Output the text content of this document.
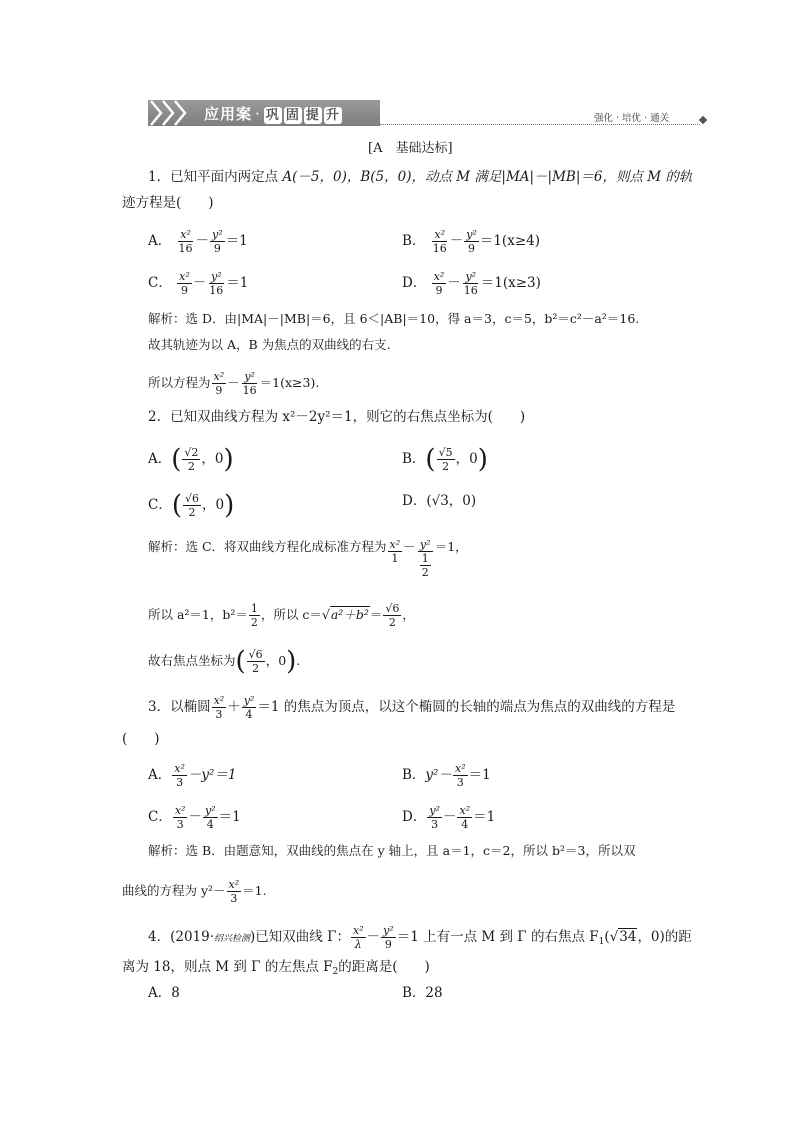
应用案 · 巩 固 提 升	强化 · 培优 · 通关
[A　基础达标]
1．已知平面内两定点 A(－5，0)，B(5，0)，动点 M 满足|MA|－|MB|＝6，则点 M 的轨
迹方程是(　　)
A． $\frac{\text{x²}}{16} - \frac{\text{y²}}{9} =1$	B． $\frac{\text{x²}}{16} - \frac{\text{y²}}{9} =1(x\ge 4)$
C． $\frac{\text{x²}}{9} - \frac{\text{y²}}{16} =1$	D． $\frac{\text{x²}}{9} - \frac{\text{y²}}{16} =1(x\ge 3)$
解析：选 D．由|MA|－|MB|＝6，且 6＜|AB|＝10，得 a＝3，c＝5，b²＝c²－a²＝16.
故其轨迹为以 A，B 为焦点的双曲线的右支.
所以方程为 $\frac{\text{x²}}{9} - \frac{\text{y²}}{16} =1(x\ge 3)$.
2．已知双曲线方程为 x²－2y²＝1，则它的右焦点坐标为(　　)
A．( $\frac{√2}{2}$ ，0)	B．( $\frac{√5}{2}$ ，0)
C．( $\frac{√6}{2}$ ，0)	D．(√3，0)
解析：选 C．将双曲线方程化成标准方程为 $\frac{\text{x²}}{1} - \frac{\text{y²}}{\frac{1}{2}} =1$，
所以 a²＝1，$b^2= \frac{1}{2}$ ，所以 $c=√a^2+b^2= \frac{√6}{2}$ ，
故右焦点坐标为( $\frac{√6}{2}$ ，0).
3．以椭圆 $\frac{\text{x²}}{3} + \frac{\text{y²}}{4} =1$ 的焦点为顶点，以这个椭圆的长轴的端点为焦点的双曲线的方程是
(　　)
A． $\frac{\text{x²}}{3} -y^2=1$	B．$y^2- \frac{\text{x²}}{3} =1$
C． $\frac{\text{x²}}{3} - \frac{\text{y²}}{4} =1$	D． $\frac{\text{y²}}{3} - \frac{\text{x²}}{4} =1$
解析：选 B．由题意知，双曲线的焦点在 y 轴上，且 a＝1，c＝2，所以 b²＝3，所以双
曲线的方程为 $y^2- \frac{\text{x²}}{3} =1$.
4．(2019·绍兴检测)已知双曲线 Γ： $\frac{\text{x²}}{\lambda} - \frac{\text{y²}}{9} =1$ 上有一点 M 到 Γ 的右焦点 $F_1(√34$，0)的距
离为 18，则点 M 到 Γ 的左焦点 $F_2$的距离是(　　)
A．8	B．28
